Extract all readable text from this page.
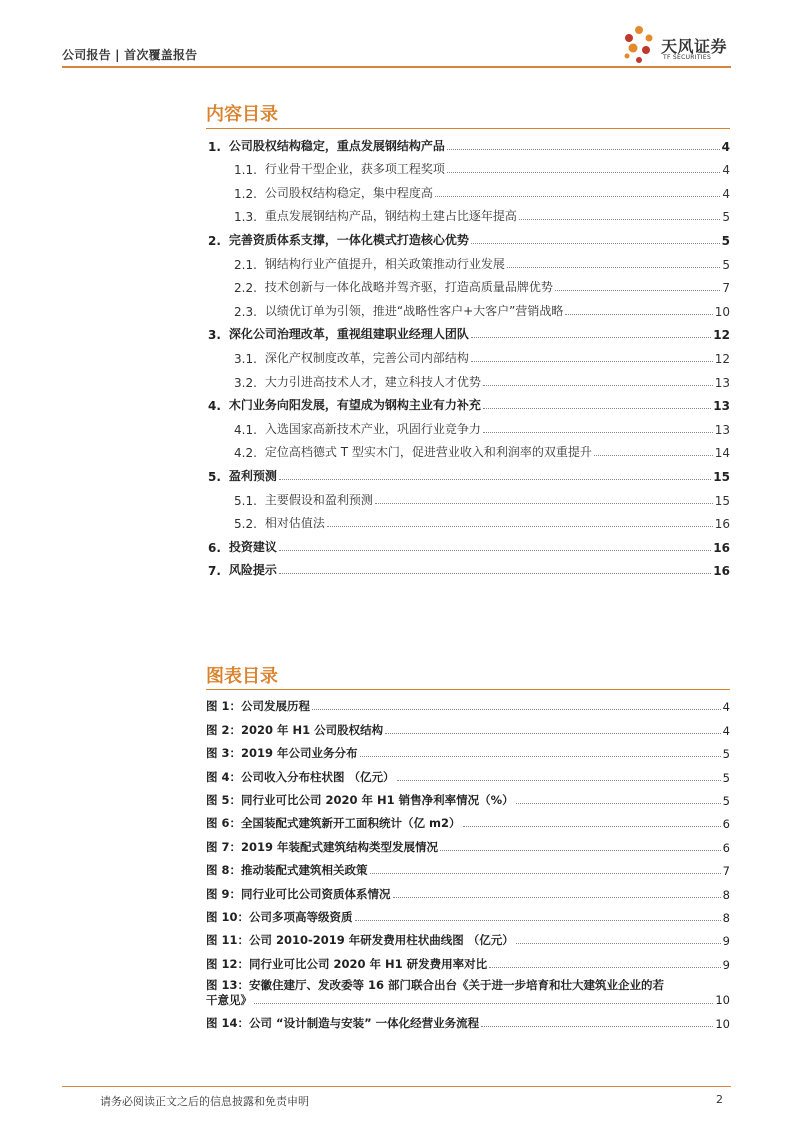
公司报告 | 首次覆盖报告	天风证券
TF SECURITIES
内容目录
1. 公司股权结构稳定，重点发展钢结构产品	4
1.1. 行业骨干型企业，获多项工程奖项	4
1.2. 公司股权结构稳定，集中程度高	4
1.3. 重点发展钢结构产品，钢结构土建占比逐年提高	5
2. 完善资质体系支撑，一体化模式打造核心优势	5
2.1. 钢结构行业产值提升，相关政策推动行业发展	5
2.2. 技术创新与一体化战略并驾齐驱，打造高质量品牌优势	7
2.3. 以绩优订单为引领，推进“战略性客户+大客户”营销战略	10
3. 深化公司治理改革，重视组建职业经理人团队	12
3.1. 深化产权制度改革，完善公司内部结构	12
3.2. 大力引进高技术人才，建立科技人才优势	13
4. 木门业务向阳发展，有望成为钢构主业有力补充	13
4.1. 入选国家高新技术产业，巩固行业竞争力	13
4.2. 定位高档德式 T 型实木门，促进营业收入和利润率的双重提升	14
5. 盈利预测	15
5.1. 主要假设和盈利预测	15
5.2. 相对估值法	16
6. 投资建议	16
7. 风险提示	16
图表目录
图 1：公司发展历程	4
图 2：2020 年 H1 公司股权结构	4
图 3：2019 年公司业务分布	5
图 4：公司收入分布柱状图 （亿元）	5
图 5：同行业可比公司 2020 年 H1 销售净利率情况（%）	5
图 6：全国装配式建筑新开工面积统计（亿 m2）	6
图 7：2019 年装配式建筑结构类型发展情况	6
图 8：推动装配式建筑相关政策	7
图 9：同行业可比公司资质体系情况	8
图 10：公司多项高等级资质	8
图 11：公司 2010-2019 年研发费用柱状曲线图 （亿元）	9
图 12：同行业可比公司 2020 年 H1 研发费用率对比	9
图 13：安徽住建厅、发改委等 16 部门联合出台《关于进一步培育和壮大建筑业企业的若
干意见》	10
图 14：公司 “设计制造与安装” 一体化经营业务流程	10
请务必阅读正文之后的信息披露和免责申明	2
